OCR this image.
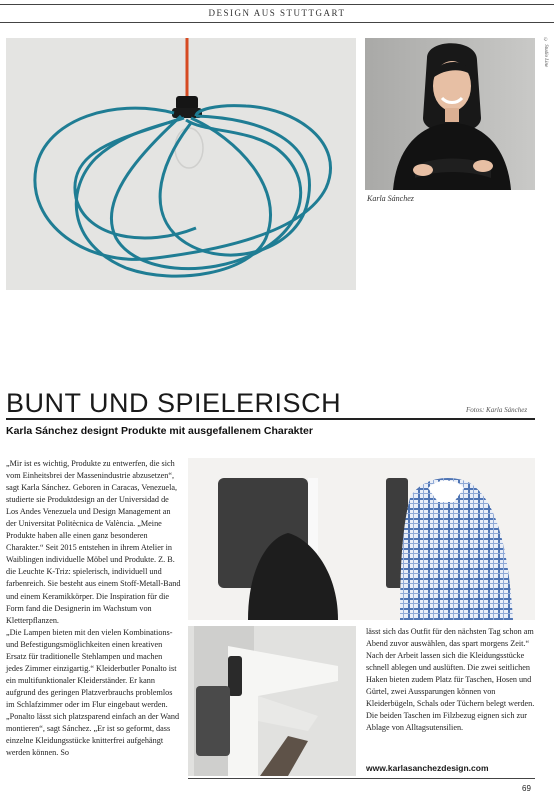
DESIGN AUS STUTTGART
© Studio Line
Karla Sánchez
BUNT UND SPIELERISCH	Fotos: Karla Sánchez
Karla Sánchez designt Produkte mit ausgefallenem Charakter

„Mir ist es wichtig, Produkte zu entwerfen, die sich vom Einheitsbrei der Massenindustrie abzusetzen“, sagt Karla Sánchez. Geboren in Caracas, Venezuela, studierte sie Produktdesign an der Universidad de Los Andes Venezuela und Design Management an der Universitat Politècnica de València. „Meine Produkte haben alle einen ganz besonderen Charakter.“ Seit 2015 entstehen in ihrem Atelier in Waiblingen individuelle Möbel und Produkte. Z. B. die Leuchte K-Triz: spielerisch, individuell und farbenreich. Sie besteht aus einem Stoff-Metall-Band und einem Keramikkörper. Die Inspiration für die Form fand die Designerin im Wachstum von Kletterpflanzen.

„Die Lampen bieten mit den vielen Kombinations- und Befestigungsmöglichkeiten einen kreativen Ersatz für traditionelle Stehlampen und machen jedes Zimmer einzigartig.“ Kleiderbutler Ponalto ist ein multifunktionaler Kleiderständer. Er kann aufgrund des geringen Platzverbrauchs problemlos im Schlafzimmer oder im Flur eingebaut werden. „Ponalto lässt sich platzsparend einfach an der Wand montieren“, sagt Sánchez. „Er ist so geformt, dass einzelne Kleidungsstücke knitterfrei aufgehängt werden können. So

lässt sich das Outfit für den nächsten Tag schon am Abend zuvor auswählen, das spart morgens Zeit.“ Nach der Arbeit lassen sich die Kleidungsstücke schnell ablegen und auslüften. Die zwei seitlichen Haken bieten zudem Platz für Taschen, Hosen und Gürtel, zwei Aussparungen können von Kleiderbügeln, Schals oder Tüchern belegt werden. Die beiden Taschen im Filzbezug eignen sich zur Ablage von Alltagsutensilien.

www.karlasanchezdesign.com
69
